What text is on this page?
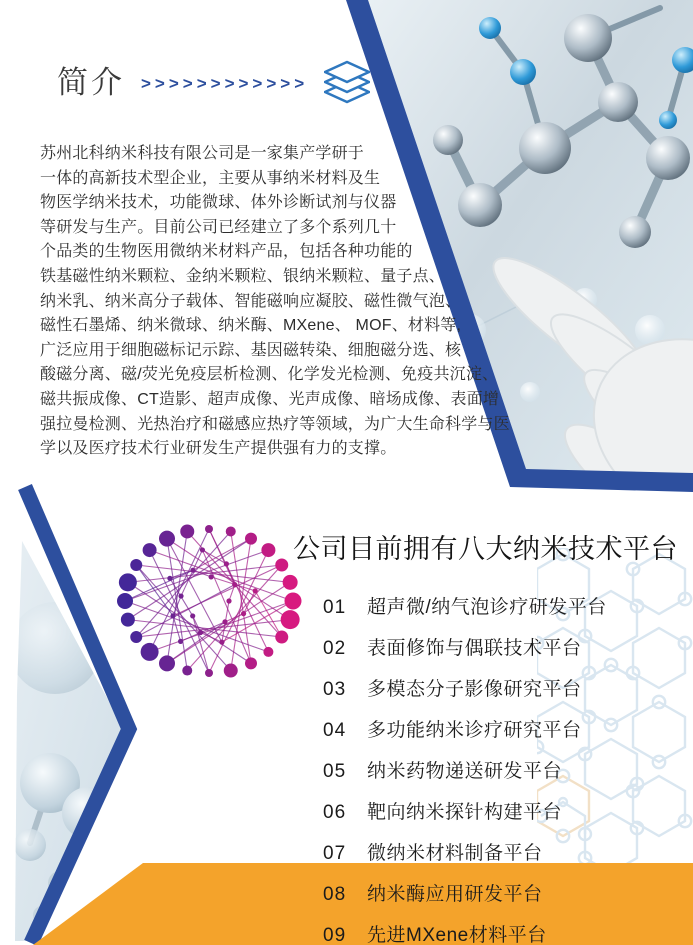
简介 >>>>>>>>>>>>
苏州北科纳米科技有限公司是一家集产学研于
一体的高新技术型企业，主要从事纳米材料及生
物医学纳米技术，功能微球、体外诊断试剂与仪器
等研发与生产。目前公司已经建立了多个系列几十
个品类的生物医用微纳米材料产品，包括各种功能的
铁基磁性纳米颗粒、金纳米颗粒、银纳米颗粒、量子点、
纳米乳、纳米高分子载体、智能磁响应凝胶、磁性微气泡、
磁性石墨烯、纳米微球、纳米酶、MXene、 MOF、材料等,
广泛应用于细胞磁标记示踪、基因磁转染、细胞磁分选、核
酸磁分离、磁/荧光免疫层析检测、化学发光检测、免疫共沉淀、
磁共振成像、CT造影、超声成像、光声成像、暗场成像、表面增
强拉曼检测、光热治疗和磁感应热疗等领域，为广大生命科学与医
学以及医疗技术行业研发生产提供强有力的支撑。
公司目前拥有八大纳米技术平台
01 超声微/纳气泡诊疗研发平台
02 表面修饰与偶联技术平台
03 多模态分子影像研究平台
04 多功能纳米诊疗研究平台
05 纳米药物递送研发平台
06 靶向纳米探针构建平台
07 微纳米材料制备平台
08 纳米酶应用研发平台
09 先进MXene材料平台
